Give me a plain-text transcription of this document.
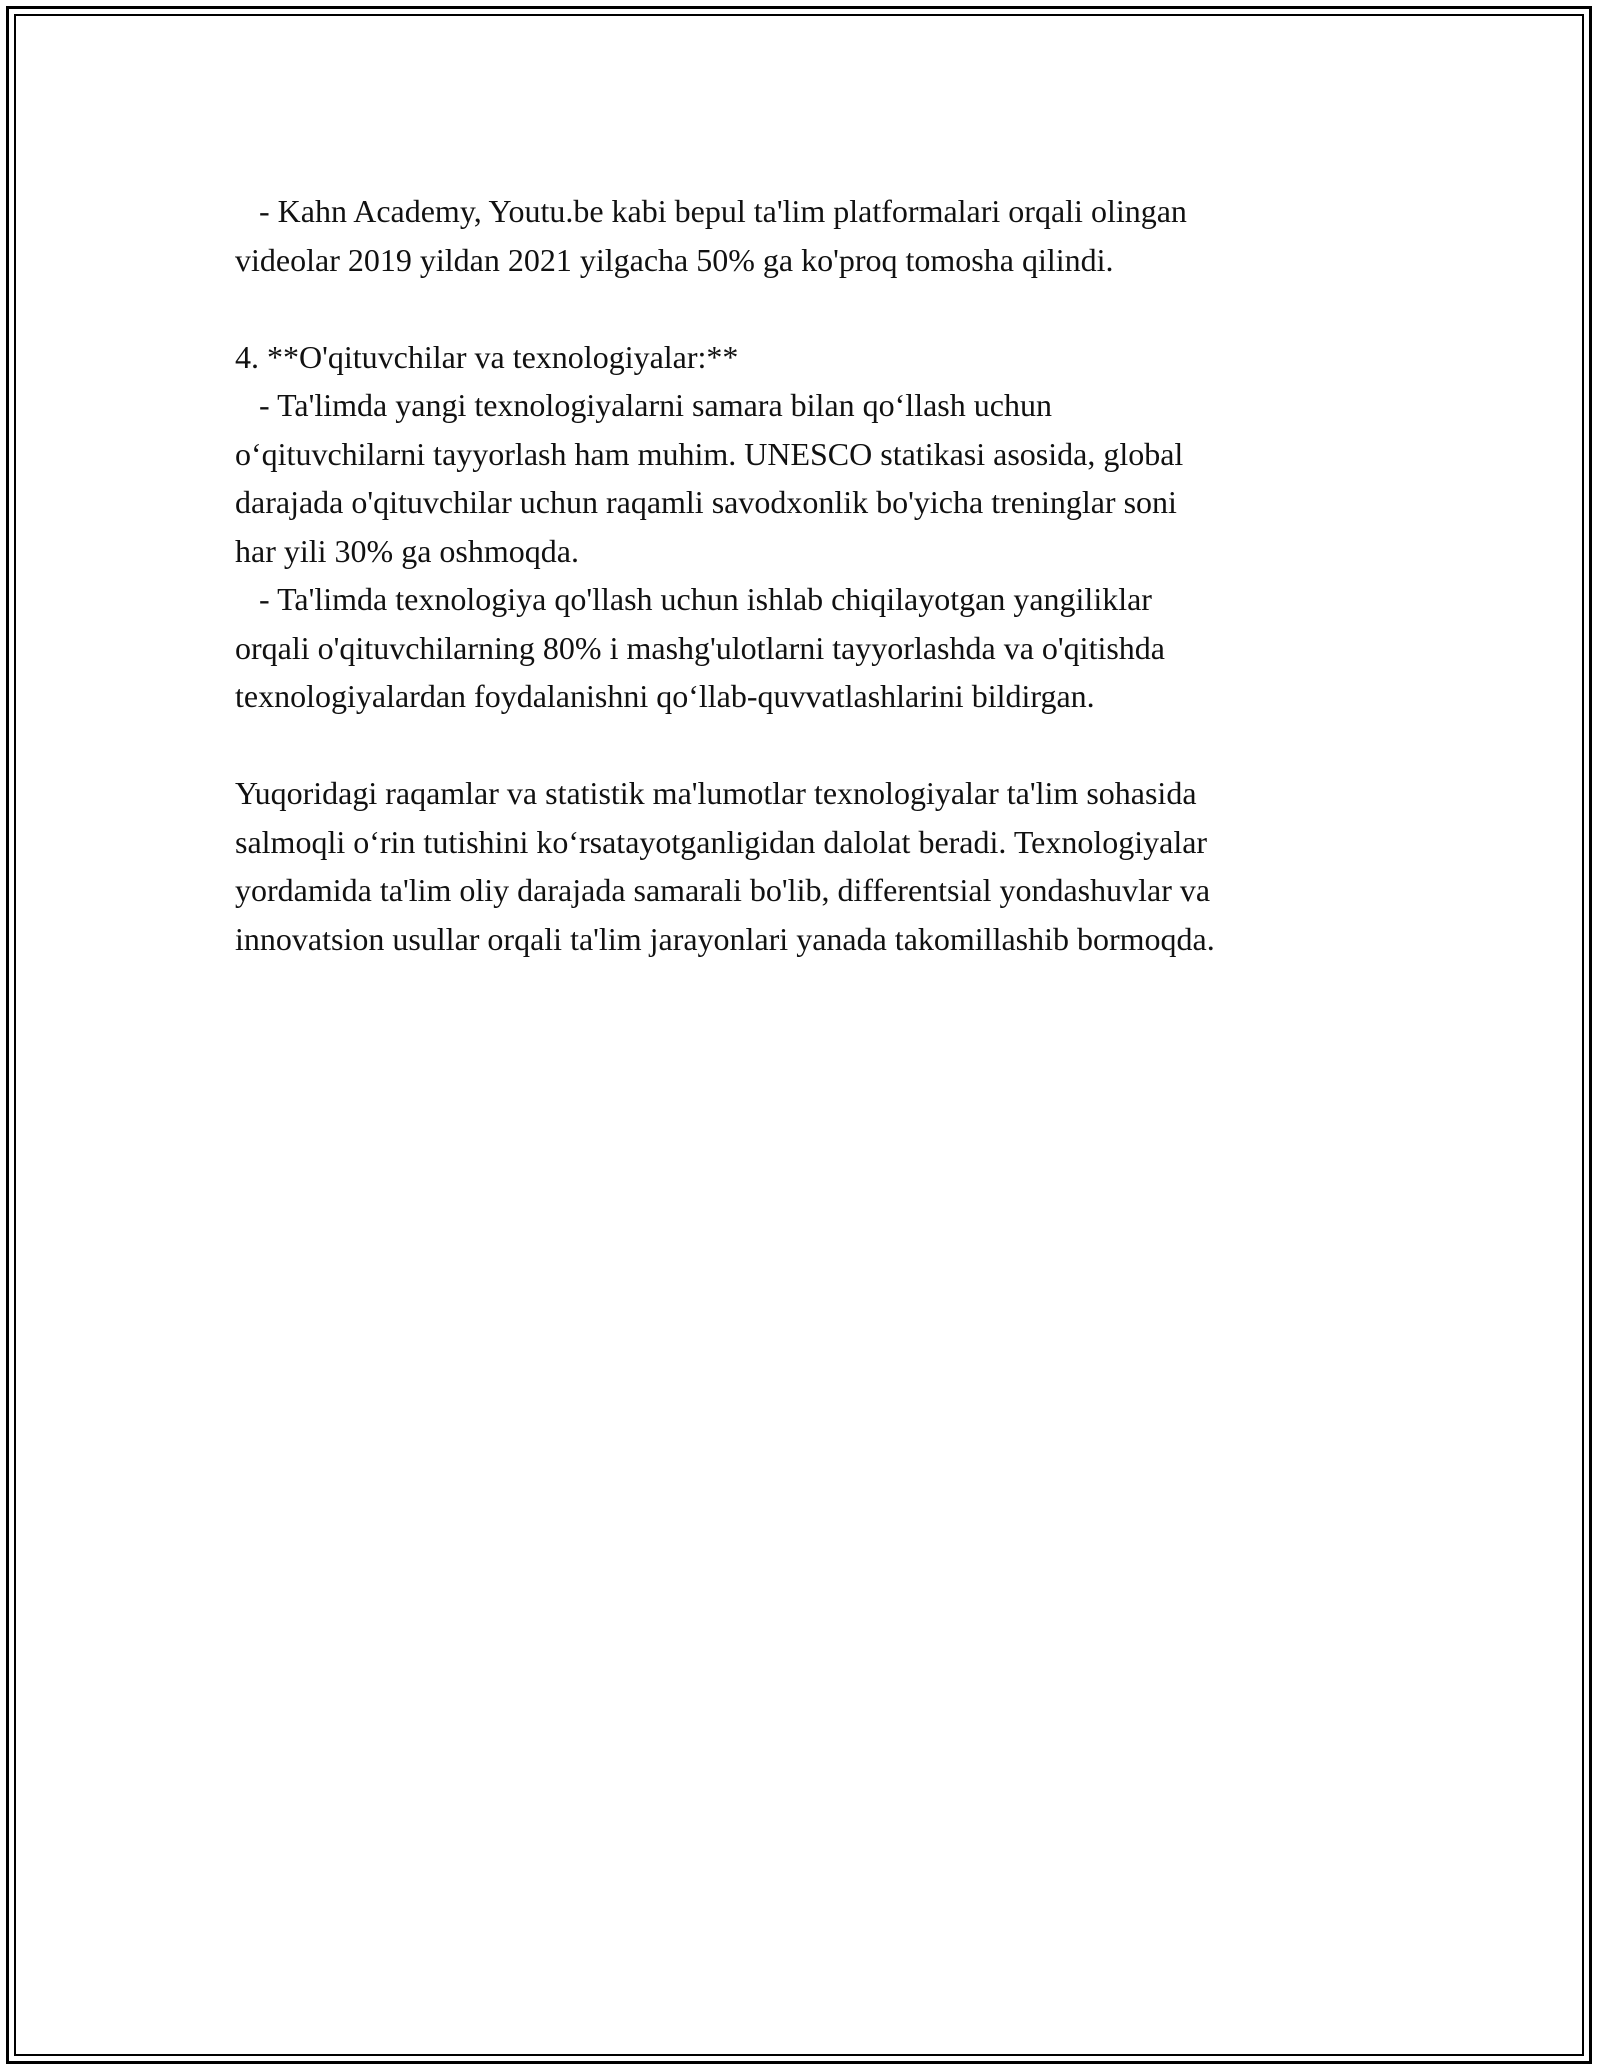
- Kahn Academy, Youtu.be kabi bepul ta'lim platformalari orqali olingan
videolar 2019 yildan 2021 yilgacha 50% ga ko'proq tomosha qilindi.
4. **O'qituvchilar va texnologiyalar:**
- Ta'limda yangi texnologiyalarni samara bilan qo‘llash uchun
o‘qituvchilarni tayyorlash ham muhim. UNESCO statikasi asosida, global
darajada o'qituvchilar uchun raqamli savodxonlik bo'yicha treninglar soni
har yili 30% ga oshmoqda.
- Ta'limda texnologiya qo'llash uchun ishlab chiqilayotgan yangiliklar
orqali o'qituvchilarning 80% i mashg'ulotlarni tayyorlashda va o'qitishda
texnologiyalardan foydalanishni qo‘llab-quvvatlashlarini bildirgan.
Yuqoridagi raqamlar va statistik ma'lumotlar texnologiyalar ta'lim sohasida
salmoqli o‘rin tutishini ko‘rsatayotganligidan dalolat beradi. Texnologiyalar
yordamida ta'lim oliy darajada samarali bo'lib, differentsial yondashuvlar va
innovatsion usullar orqali ta'lim jarayonlari yanada takomillashib bormoqda.
